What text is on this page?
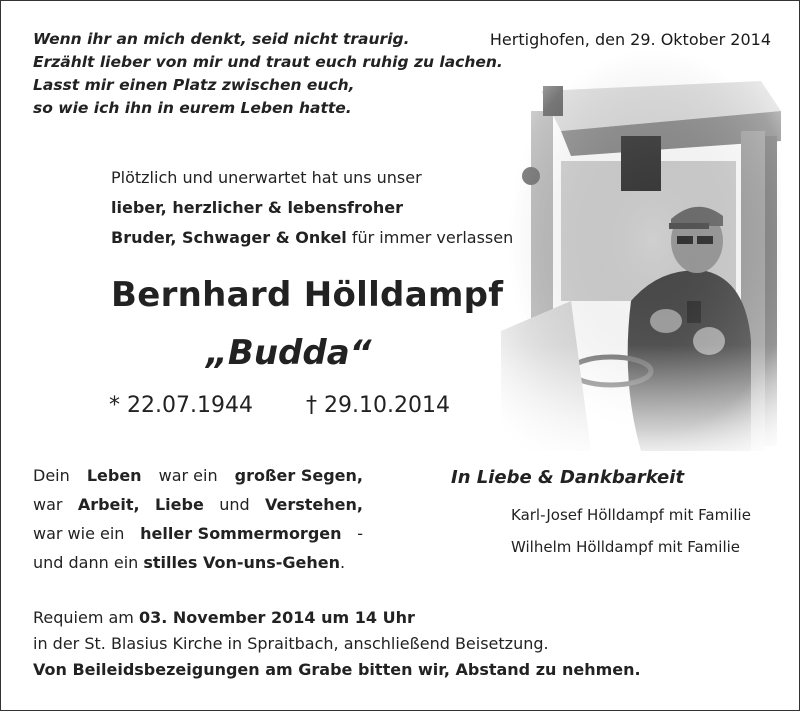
Wenn ihr an mich denkt, seid nicht traurig.
Erzählt lieber von mir und traut euch ruhig zu lachen.
Lasst mir einen Platz zwischen euch,
so wie ich ihn in eurem Leben hatte.
Hertighofen, den 29. Oktober 2014
Plötzlich und unerwartet hat uns unser
lieber, herzlicher & lebensfroher
Bruder, Schwager & Onkel für immer verlassen
Bernhard Hölldampf
„Budda“
* 22.07.1944 † 29.10.2014
Dein Leben war ein großer Segen,
war Arbeit, Liebe und Verstehen,
war wie ein heller Sommermorgen -
und dann ein stilles Von-uns-Gehen.
In Liebe & Dankbarkeit
Karl-Josef Hölldampf mit Familie
Wilhelm Hölldampf mit Familie
Requiem am 03. November 2014 um 14 Uhr
in der St. Blasius Kirche in Spraitbach, anschließend Beisetzung.
Von Beileidsbezeigungen am Grabe bitten wir, Abstand zu nehmen.
